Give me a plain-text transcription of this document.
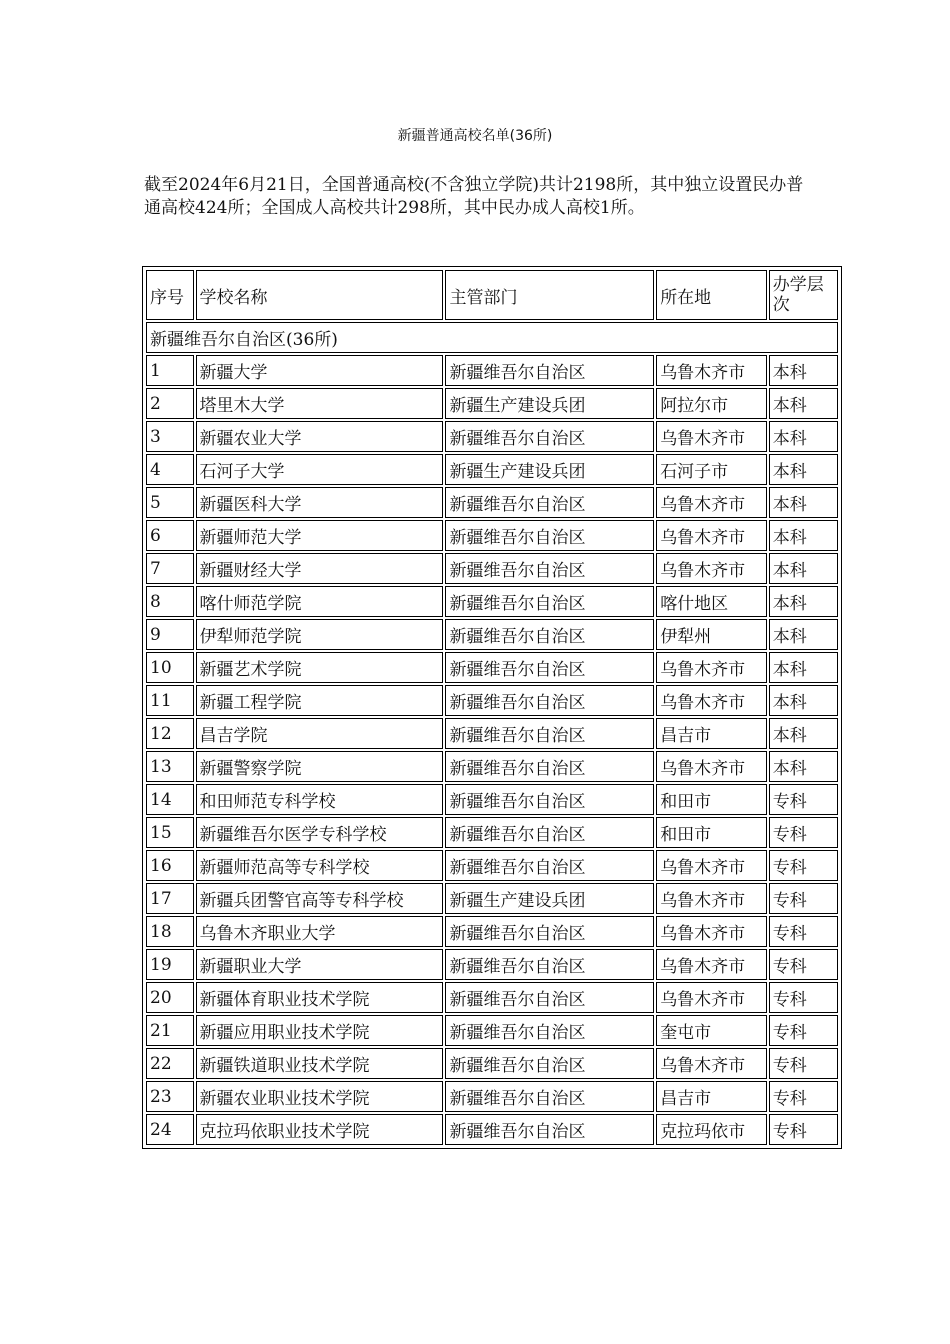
新疆普通高校名单(36所)
截至2024年6月21日，全国普通高校(不含独立学院)共计2198所，其中独立设置民办普通高校424所；全国成人高校共计298所，其中民办成人高校1所。
序号	学校名称	主管部门	所在地	办学层次
新疆维吾尔自治区(36所)				
1	新疆大学	新疆维吾尔自治区	乌鲁木齐市	本科
2	塔里木大学	新疆生产建设兵团	阿拉尔市	本科
3	新疆农业大学	新疆维吾尔自治区	乌鲁木齐市	本科
4	石河子大学	新疆生产建设兵团	石河子市	本科
5	新疆医科大学	新疆维吾尔自治区	乌鲁木齐市	本科
6	新疆师范大学	新疆维吾尔自治区	乌鲁木齐市	本科
7	新疆财经大学	新疆维吾尔自治区	乌鲁木齐市	本科
8	喀什师范学院	新疆维吾尔自治区	喀什地区	本科
9	伊犁师范学院	新疆维吾尔自治区	伊犁州	本科
10	新疆艺术学院	新疆维吾尔自治区	乌鲁木齐市	本科
11	新疆工程学院	新疆维吾尔自治区	乌鲁木齐市	本科
12	昌吉学院	新疆维吾尔自治区	昌吉市	本科
13	新疆警察学院	新疆维吾尔自治区	乌鲁木齐市	本科
14	和田师范专科学校	新疆维吾尔自治区	和田市	专科
15	新疆维吾尔医学专科学校	新疆维吾尔自治区	和田市	专科
16	新疆师范高等专科学校	新疆维吾尔自治区	乌鲁木齐市	专科
17	新疆兵团警官高等专科学校	新疆生产建设兵团	乌鲁木齐市	专科
18	乌鲁木齐职业大学	新疆维吾尔自治区	乌鲁木齐市	专科
19	新疆职业大学	新疆维吾尔自治区	乌鲁木齐市	专科
20	新疆体育职业技术学院	新疆维吾尔自治区	乌鲁木齐市	专科
21	新疆应用职业技术学院	新疆维吾尔自治区	奎屯市	专科
22	新疆铁道职业技术学院	新疆维吾尔自治区	乌鲁木齐市	专科
23	新疆农业职业技术学院	新疆维吾尔自治区	昌吉市	专科
24	克拉玛依职业技术学院	新疆维吾尔自治区	克拉玛依市	专科
